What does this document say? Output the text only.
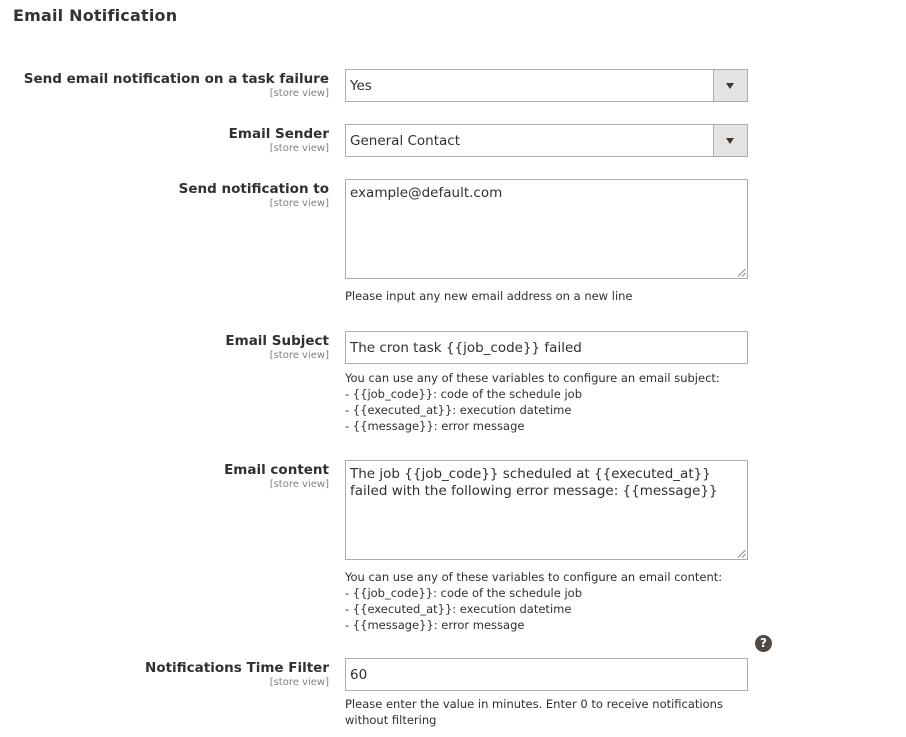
Email Notification
Send email notification on a task failure
[store view] Yes
Email Sender
[store view] General Contact
Send notification to
[store view]
example@default.com
Please input any new email address on a new line
Email Subject
[store view] The cron task {{job_code}} failed
You can use any of these variables to configure an email subject:
- {{job_code}}: code of the schedule job
- {{executed_at}}: execution datetime
- {{message}}: error message
Email content
[store view]
The job {{job_code}} scheduled at {{executed_at}} failed with the following error message: {{message}}
You can use any of these variables to configure an email content:
- {{job_code}}: code of the schedule job
- {{executed_at}}: execution datetime
- {{message}}: error message
?
Notifications Time Filter
[store view] 60
Please enter the value in minutes. Enter 0 to receive notifications
without filtering
